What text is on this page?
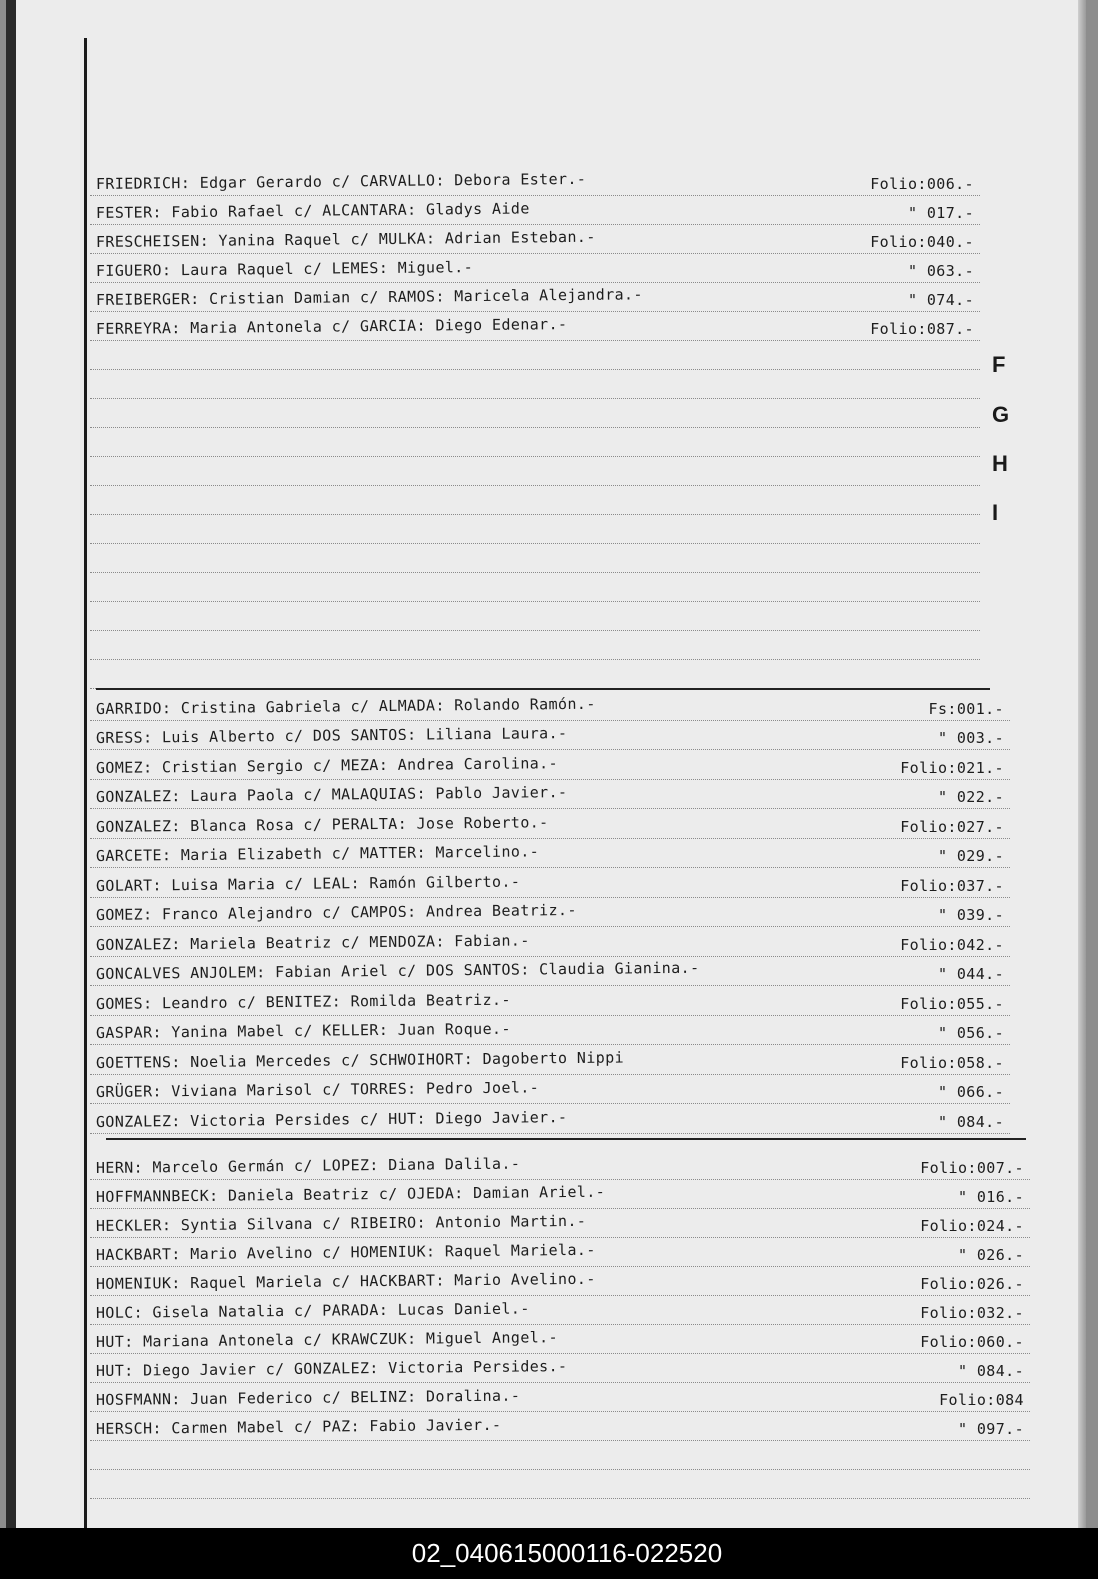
F
G
H
I
FRIEDRICH: Edgar Gerardo c/ CARVALLO: Debora Ester.-	Folio:006.-
FESTER: Fabio Rafael c/ ALCANTARA: Gladys Aide	" 017.-
FRESCHEISEN: Yanina Raquel c/ MULKA: Adrian Esteban.-	Folio:040.-
FIGUERO: Laura Raquel c/ LEMES: Miguel.-	" 063.-
FREIBERGER: Cristian Damian c/ RAMOS: Maricela Alejandra.-	" 074.-
FERREYRA: Maria Antonela c/ GARCIA: Diego Edenar.-	Folio:087.-
GARRIDO: Cristina Gabriela c/ ALMADA: Rolando Ramón.-	Fs:001.-
GRESS: Luis Alberto c/ DOS SANTOS: Liliana Laura.-	" 003.-
GOMEZ: Cristian Sergio c/ MEZA: Andrea Carolina.-	Folio:021.-
GONZALEZ: Laura Paola c/ MALAQUIAS: Pablo Javier.-	" 022.-
GONZALEZ: Blanca Rosa c/ PERALTA: Jose Roberto.-	Folio:027.-
GARCETE: Maria Elizabeth c/ MATTER: Marcelino.-	" 029.-
GOLART: Luisa Maria c/ LEAL: Ramón Gilberto.-	Folio:037.-
GOMEZ: Franco Alejandro c/ CAMPOS: Andrea Beatriz.-	" 039.-
GONZALEZ: Mariela Beatriz c/ MENDOZA: Fabian.-	Folio:042.-
GONCALVES ANJOLEM: Fabian Ariel c/ DOS SANTOS: Claudia Gianina.-	" 044.-
GOMES: Leandro c/ BENITEZ: Romilda Beatriz.-	Folio:055.-
GASPAR: Yanina Mabel c/ KELLER: Juan Roque.-	" 056.-
GOETTENS: Noelia Mercedes c/ SCHWOIHORT: Dagoberto Nippi	Folio:058.-
GRÜGER: Viviana Marisol c/ TORRES: Pedro Joel.-	" 066.-
GONZALEZ: Victoria Persides c/ HUT: Diego Javier.-	" 084.-
HERN: Marcelo Germán c/ LOPEZ: Diana Dalila.-	Folio:007.-
HOFFMANNBECK: Daniela Beatriz c/ OJEDA: Damian Ariel.-	" 016.-
HECKLER: Syntia Silvana c/ RIBEIRO: Antonio Martin.-	Folio:024.-
HACKBART: Mario Avelino c/ HOMENIUK: Raquel Mariela.-	" 026.-
HOMENIUK: Raquel Mariela c/ HACKBART: Mario Avelino.-	Folio:026.-
HOLC: Gisela Natalia c/ PARADA: Lucas Daniel.-	Folio:032.-
HUT: Mariana Antonela c/ KRAWCZUK: Miguel Angel.-	Folio:060.-
HUT: Diego Javier c/ GONZALEZ: Victoria Persides.-	" 084.-
HOSFMANN: Juan Federico c/ BELINZ: Doralina.-	Folio:084
HERSCH: Carmen Mabel c/ PAZ: Fabio Javier.-	" 097.-
02_040615000116-022520
